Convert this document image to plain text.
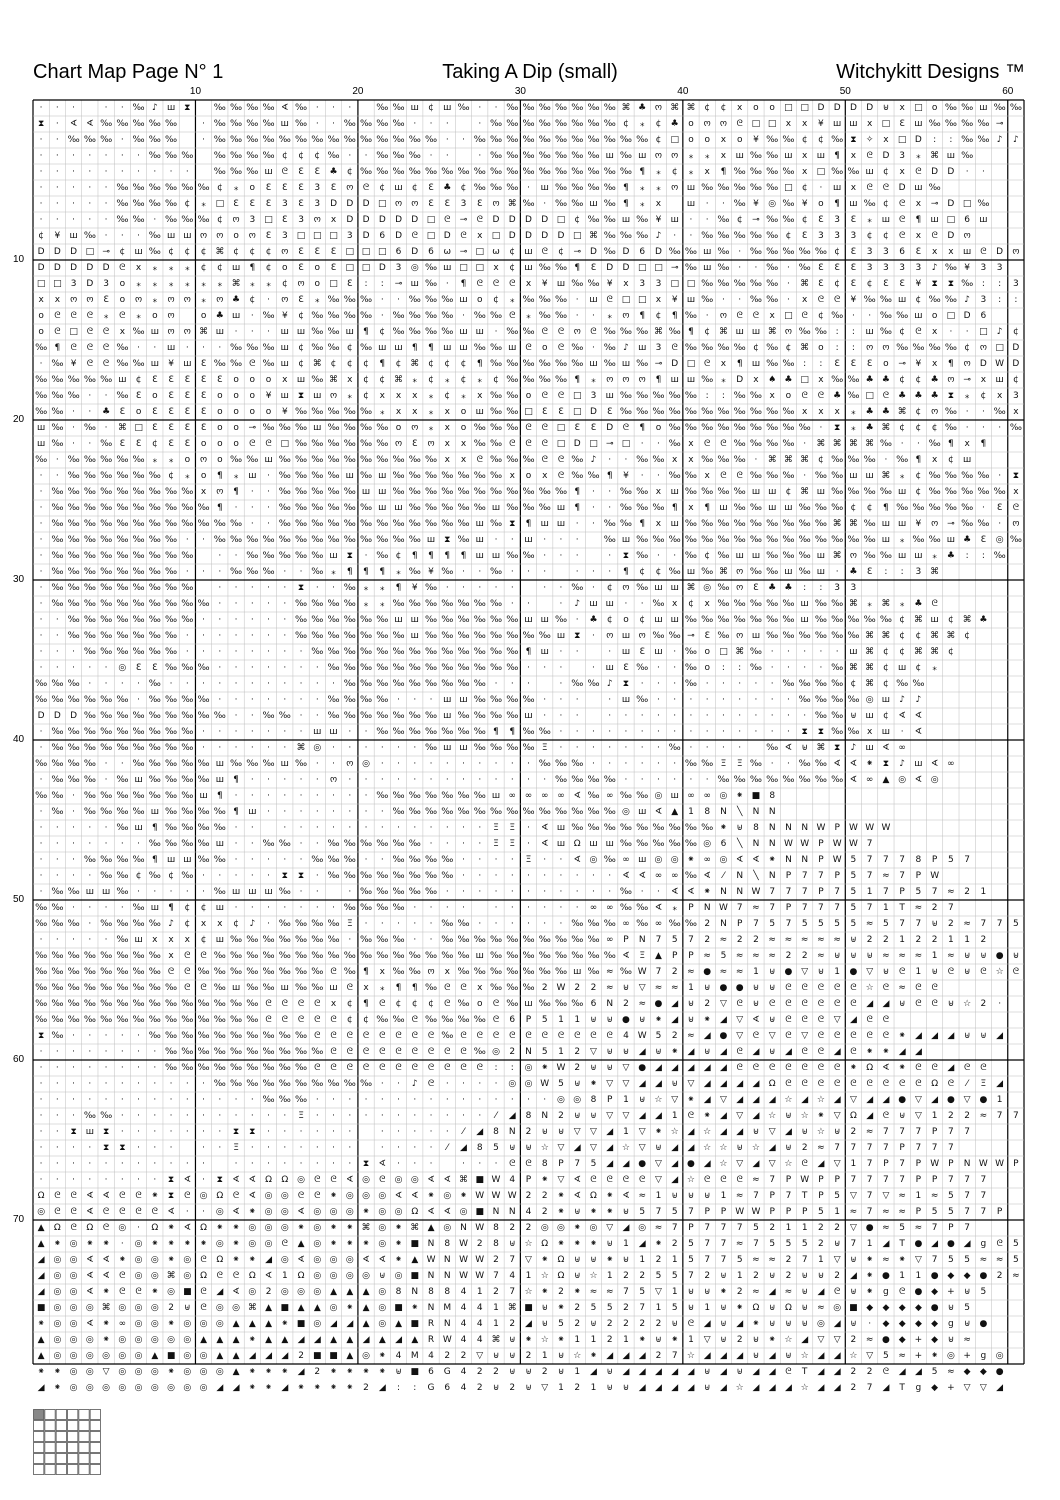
Chart Map Page N° 1	Taking A Dip (small)	Witchykitt Designs ™
10	20	30	40	50	60
10
20
30
40
50
60
70
· · ·	· · ‰ ♪ ш ⧗	‰ ‰ ‰ ‰ ∢ ‰ · · ·	‰ ‰ ш ¢ ш ‰ · · ‰ ‰ ‰ ‰ ‰ ‰ ‰ ⌘ ♣ ო ⌘ ⌘ ¢ ¢ x o o □ □ D D D D ⊎ x □ o ‰ ‰ ш ‰ ‰
⧗ · ∢ ∢ ‰ ‰ ‰ ‰ ‰	· ‰ ‰ ‰ ‰ ш ‰ · · ‰ ‰ ‰ ‰ · · ·	· ‰ ‰ ‰ ‰ ‰ ‰ ‰ ‰ ¢ ⁎ ¢ ♣ o ო ო ᘓ □ □ x x ¥ ш ш x □ Ɛ ш ‰ ‰ ‰ ‰ ⊸
· · ‰ ‰ ‰ · ‰ ‰ ‰	· ‰ ‰ ‰ ‰ ‰ ‰ ‰ ‰ ‰ ‰ ‰ ‰ ‰ ‰ · · ‰ ‰ ‰ ‰ ‰ ‰ ‰ ‰ ‰ ‰ ‰ ¢ □ o o x o ¥ ‰ ‰ ¢ ¢ ‰ ⧗ ✧ x □ D : : ‰ ‰ ♪ ♪
· · · · · · · ‰ ‰ ‰ ‰ ‰ ‰ ‰ ¢ ¢ ¢ ‰ · · ‰ ‰ ‰ · ·	· ‰ ‰ ‰ ‰ ‰ ‰ ‰ ш ‰ ш ო ო ⁎ ⁎ x ш ‰ ‰ ш x ш ¶ x ᘓ D 3 ⁎ ⌘ ш ‰
· · · · · · · · · ·	‰ ‰ ‰ ш ᘓ Ɛ Ɛ ♣ ¢ ‰ ‰ ‰ ‰ ‰ ‰ ‰ ‰ ‰ ‰ ‰ ‰ ‰ ‰ ‰ ‰ ‰ ¶ ⁎ ¢ ⁎ x ¶ ‰ ‰ ‰ ‰ x □ ‰ ‰ ш ¢ x ᘓ D D · ·
· · · · · ‰ ‰ ‰ ‰ ‰ ‰ ¢ ⁎ o Ɛ Ɛ Ɛ 3 Ɛ ო ᘓ ¢ ш ¢ Ɛ ♣ ¢ ‰ ‰ ‰ · ш ‰ ‰ ‰ ‰ ¶ ⁎ ⁎ ო ш ‰ ‰ ‰ ‰ ‰ □ ¢ · ш x ᘓ ᘓ D ш ‰
· · · · · ‰ ‰ ‰ ‰ ¢ ⁎ □ Ɛ Ɛ Ɛ 3 Ɛ 3 D D D □ ო ო Ɛ Ɛ 3 Ɛ ო ⌘ ‰ · ‰ ‰ ш ‰ ¶ ⁎ x	ш · · ‰ ¥ ◎ ‰ ¥ o ¶ ш ‰ ¢ ᘓ x ⊸ D □ ‰
· · · · · ‰ ‰ · ‰ ‰ ‰ ¢ ო 3 □ Ɛ 3 ო x D D D D D □ ᘓ ⊸ ᘓ D D D D □ ¢ ‰ ‰ ш ‰ ¥ ш · · ‰ ¢ ⊸ ‰ ‰ ¢ Ɛ 3 Ɛ ⁎ ш ᘓ ¶ ш □ 6 ш
¢ ¥ ш ‰ · · · ‰ ш ш ო ო o ო Ɛ 3 □ □ □ 3 D 6 D ᘓ □ D ᘓ x □ D D D D □ ⌘ ‰ ‰ ‰ ♪ · · ‰ ‰ ‰ ‰ ‰ ¢ Ɛ 3 3 3 ¢ ¢ ᘓ x ᘓ D ო
D D D □ ⊸ ¢ ш ‰ ¢ ¢ ¢ ⌘ ¢ ¢ ¢ ო Ɛ Ɛ Ɛ □ □ □ 6 D 6 ω ⊸ □ ω ¢ ш ᘓ ¢ ⊸ D ‰ D 6 D ‰ ‰ ш ‰ · ‰ ‰ ‰ ‰ ‰ ¢ Ɛ 3 3 6 Ɛ x x ш ᘓ D ო
D D D D D ᘓ x ⁎ ⁎ ⁎ ¢ ¢ ш ¶ ¢ o Ɛ o Ɛ □ □ D 3 ◎ ‰ ш □ □ x ¢ ш ‰ ‰ ¶ Ɛ D D □ □ ⊸ ‰ ш ‰ · · ‰ · ‰ Ɛ Ɛ Ɛ 3 3 3 3 ♪ ‰ ¥ 3 3
□ □ 3 D 3 o ⁎ ⁎ ⁎ ⁎ ⁎ ⁎ ⌘ ⁎ ⁎ ¢ ო o □ Ɛ : : ⊸ ш ‰ · ¶ ᘓ ᘓ ᘓ x ¥ ш ‰ ‰ ¥ x 3 3 □ □ ‰ ‰ ‰ ‰ ‰ · ⌘ Ɛ ¢ Ɛ ¢ Ɛ Ɛ ¥ ⧗ ⧗ ‰ : : 3
x x ო ო Ɛ o ო ⁎ ო ო ⁎ ო ♣ ¢ · ო Ɛ ⁎ ‰ ‰ ‰ · · ‰ ‰ ‰ ш o ¢ ⁎ ‰ ‰ ‰ · ш ᘓ □ □ x ¥ ш ‰ · · ‰ ‰ · x ᘓ ᘓ ¥ ‰ ‰ ш ¢ ‰ ‰ ♪ 3 : :
o ᘓ ᘓ ᘓ ⁎ ᘓ ⁎ о ო	o ♣ ш · ‰ ¥ ¢ ‰ ‰ ‰ ‰ · ‰ ‰ ‰ ‰ · ‰ ‰ ᘓ ⁎ ‰ ‰ · · ⁎ ო ¶ ¢ ¶ ‰ · ო ᘓ ᘓ x □ ᘓ ¢ ‰ · · ‰ ‰ ш о □ D 6
o ᘓ □ ᘓ ᘓ x ‰ ш ო ო ⌘ ш · · · ш ш ‰ ‰ ш ¶ ¢ ‰ ‰ ‰ ‰ ш ш · ‰ ‰ ᘓ ᘓ ო ᘓ ‰ ‰ ‰ ⌘ ‰ ¶ ¢ ⌘ ш ш ⌘ ო ‰ ‰ : : ш ‰ ¢ ᘓ x · · □ ♪ ¢
‰ ¶ ᘓ ᘓ ᘓ ‰ · · ш · · · ‰ ‰ ‰ ш ¢ ‰ ‰ ¢ ‰ ш ш ¶ ¶ ш ш ‰ ‰ ш ᘓ о ᘓ ‰ · ‰ ♪ ш 3 ᘓ ‰ ‰ ‰ ‰ ¢ ‰ ¢ ⌘ o : : ო ო ‰ ‰ ‰ ‰ ¢ ო □ D
· ‰ ¥ ᘓ ᘓ ‰ ‰ ш ¥ ш Ɛ ‰ ‰ ᘓ ‰ ш ¢ ⌘ ¢ ¢ ¢ ¶ ¢ ⌘ ¢ ¢ ¢ ¶ ‰ ‰ ‰ ‰ ‰ ‰ ш ‰ ш ‰ ⊸ D □ ᘓ x ¶ ш ‰ ‰ : : Ɛ Ɛ Ɛ o ⊸ ¥ x ¶ ო D W D
‰ ‰ ‰ ‰ ‰ ш ¢ Ɛ Ɛ Ɛ Ɛ Ɛ o o o x ш ‰ ⌘ x ¢ ¢ ⌘ ⁎ ¢ ⁎ ¢ ⁎ ¢ ‰ ‰ ‰ ‰ ¶ ⁎ ო ო ო ¶ ш ш ‰ ⁎ D x ♠ ♣ □ x ‰ ‰ ♣ ♣ ¢ ¢ ♣ ო ⊸ x ш ¢
‰ ‰ ‰ · · ‰ Ɛ o Ɛ Ɛ Ɛ o o o ¥ ш ⧗ ш ო ⁎ ¢ x x x ⁎ ¢ ⁎ x ‰ ‰ o ᘓ ᘓ □ 3 ш ‰ ‰ ‰ ‰ ‰ : : ‰ ‰ x o ᘓ ᘓ ♣ ‰ □ ᘓ ♣ ♣ ♣ ⧗ ⁎ ¢ x 3
‰ ‰ · · ♣ Ɛ o Ɛ Ɛ Ɛ Ɛ o o o o ¥ ‰ ‰ ‰ ‰ ‰ ⁎ x x ⁎ x o ш ‰ ‰ □ Ɛ Ɛ □ D Ɛ ‰ ‰ ‰ ‰ ‰ ‰ ‰ ‰ ‰ ‰ ‰ x x x ⁎ ♣ ♣ ⌘ ¢ ო ‰ · · ‰ x
ш ‰ · ‰ · ⌘ □ Ɛ Ɛ Ɛ Ɛ o o ⊸ ‰ ‰ ‰ ш ‰ ‰ ‰ ‰ о ო ⁎ x o ‰ ‰ ‰ ᘓ ᘓ □ Ɛ Ɛ D ᘓ ¶ o ‰ ‰ ‰ ‰ ‰ ‰ ‰ ‰ ‰ · ⧗ ⁎ ♣ ⌘ ¢ ¢ ¢ ‰ · · · ‰
ш ‰ · · ‰ Ɛ Ɛ ¢ Ɛ Ɛ o o o ᘓ ᘓ □ ‰ ‰ ‰ ‰ ‰ ‰ ო Ɛ ო x x ‰ ‰ ᘓ ᘓ ᘓ □ D □ ⊸ □ · · ‰ x ᘓ ᘓ ‰ ‰ ‰ ‰ · ⌘ ⌘ ⌘ ⌘ ‰ · · ‰ ¶ x ¶
‰ · ‰ ‰ ‰ ‰ ‰ ⁎ ⁎ o ო o ‰ ‰ ш ‰ ‰ ‰ ‰ ‰ ‰ ‰ ‰ ‰ ‰ x x ᘓ ‰ ‰ ‰ ᘓ ᘓ ‰ ♪ · · ‰ ‰ x x ‰ ‰ ‰ · ⌘ ⌘ ⌘ ¢ ‰ ‰ ‰ · ‰ ¶ x ¢ ш
· · ‰ ‰ ‰ ‰ ‰ ‰ ¢ ⁎ o ¶ ⁎ ш · ‰ ‰ ‰ ‰ ш ‰ ш ‰ ‰ ‰ ‰ ‰ ‰ ‰ x o x ᘓ ‰ ‰ ¶ ¥ · · ‰ ‰ x ᘓ ᘓ ‰ ‰ ‰ · ‰ ‰ ш ш ⌘ ⁎ ¢ ‰ ‰ ‰ ‰ · ⧗
· ‰ ‰ ‰ ‰ ‰ ‰ ‰ ‰ ‰ x ო ¶ · · ‰ ‰ ‰ ‰ ‰ ш ш ‰ ‰ ‰ ‰ ‰ ‰ ‰ ‰ ‰ ‰ ‰ ¶ · · ‰ ‰ x ш ‰ ‰ ‰ ‰ ш ш ¢ ⌘ ш ‰ ‰ ‰ ‰ ш ¢ ‰ ‰ ‰ ‰ ‰ x
· ‰ ‰ ‰ ‰ ‰ ‰ ‰ ‰ ‰ ‰ ¶ · · · ‰ ‰ ‰ ‰ ‰ ‰ ш ш ‰ ‰ ‰ ‰ ‰ ш ‰ ‰ ‰ ш ¶ · · ‰ ‰ ‰ ¶ x ¶ ш ‰ ‰ ш ш ‰ ‰ ‰ ¢ ¢ ¶ ‰ ‰ ‰ ‰ ‰ · Ɛ ᘓ
· ‰ ‰ ‰ ‰ ‰ ‰ ‰ ‰ ‰ ‰ ‰ ‰ · · ‰ ‰ ‰ ‰ ‰ ‰ ‰ ‰ ‰ ‰ ‰ ‰ ш ‰ ⧗ ¶ ш ш · · ‰ ‰ ¶ x ш ‰ ‰ ‰ ‰ ‰ ‰ ‰ ‰ ‰ ⌘ ⌘ ‰ ш ш ¥ ო ⊸ ‰ ‰ · ო
· ‰ ‰ ‰ ‰ ‰ ‰ ‰ ‰ · · ‰ ‰ ‰ ‰ ‰ ‰ ‰ ‰ ‰ ‰ ‰ ‰ ‰ ш ⧗ ‰ ш · · ш · · ·	‰ ш ‰ ‰ ‰ ‰ ‰ ‰ ‰ ‰ ‰ ‰ ‰ ‰ ‰ ‰ ‰ ш ⁎ ‰ ‰ ш ♣ Ɛ ◎ ‰
· ‰ ‰ ‰ ‰ ‰ ‰ ‰ ‰ ‰	· · ‰ ‰ ‰ ‰ ‰ ш ⧗ · ‰ ¢ ¶ ¶ ¶ ¶ ш ш ‰ ‰ · · ·	· ⧗ ‰ · · ‰ ¢ ‰ ш ш ‰ ‰ ‰ ш ⌘ ო ‰ ‰ ш ш ⁎ ♣ : : ‰
· ‰ ‰ ‰ ‰ ‰ ‰ ‰ ‰ · · · ‰ ‰ ‰ · · ‰ ⁎ ¶ ¶ ¶ ⁎ ‰ ¥ ‰ · · ‰ · · ·	· · · ¶ ¢ ¢ ‰ ш ‰ ⌘ ო ‰ ‰ ш ‰ ш · ♣ Ɛ : : 3 ⌘
· ‰ ‰ ‰ ‰ ‰ ‰ ‰ ‰ ‰	· · · · · ⧗ · · ‰ ⁎ ⁎ ¶ ¥ ‰ · · · · ·	· · ‰ · ¢ ო ‰ ш ш ⌘ ◎ ‰ ო Ɛ ♣ ♣ : : 3 3
· ‰ ‰ ‰ ‰ ‰ ‰ ‰ ‰ ‰ ‰ · · · · · ‰ ‰ ‰ ‰ ⁎ ⁎ ‰ ‰ ‰ ‰ ‰ ‰ ‰ · ·	· ♪ ш ш · · ‰ x ¢ x ‰ ‰ ‰ ‰ ‰ ш ‰ ‰ ⌘ ⁎ ⌘ ⁎ ♣ ᘓ
· · ‰ ‰ ‰ ‰ ‰ ‰ ‰ ‰ · · · · · · ‰ ‰ ‰ ‰ ‰ ‰ ш ш ‰ ‰ ‰ ‰ ‰ ‰ ш ш ‰ · ♣ ¢ o ¢ ш ш ‰ ‰ ‰ ‰ ‰ ‰ ‰ ш ‰ ‰ ‰ ‰ ‰ ¢ ⌘ ш ¢ ⌘ ♣
· · ‰ ‰ ‰ ‰ ‰ ‰ ‰ · · · · · · · ‰ ‰ ‰ ‰ ‰ ‰ ‰ ш ‰ ‰ ‰ ‰ ‰ ‰ ‰ ‰ ш ⧗ · ო ш ო ‰ ‰ ⊸ Ɛ ‰ ო ш ‰ ‰ ‰ ‰ ‰ ‰ ⌘ ⌘ ¢ ¢ ⌘ ⌘ ¢
· · · ‰ ‰ ‰ ‰ ‰ ‰ · · · · · · · · ‰ ‰ ‰ ‰ ‰ ‰ ‰ ‰ ‰ ‰ ‰ ‰ ‰ ¶ ш · ·	· ш Ɛ ш · ‰ o □ ⌘ ‰ · · · · · ш ⌘ ¢ ¢ ⌘ ⌘ ¢
· · · · · ◎ Ɛ Ɛ ‰ ‰ ‰ · · · · · · · ‰ ‰ ‰ ‰ ‰ ‰ ‰ ‰ ‰ ‰ ‰ ‰ · · ·	· ш Ɛ ‰ · · ‰ o : : ‰ · · · · ‰ ⌘ ⌘ ¢ ш ¢ ⁎
‰ ‰ ‰ · · · · ‰ · · · · · · · · · · · ‰ ‰ ‰ ‰ ‰ ‰ ‰ ‰ ‰ · · ·	· ‰ ‰ ♪ ⧗ · · · ‰ · · · · · ‰ ‰ ‰ ‰ ¢ ⌘ ¢ ‰ ‰
‰ ‰ ‰ ‰ ‰ ‰ · ‰ ‰ ‰ ‰ · · · · · · · ‰ ‰ ‰ ‰ · · · ш ш ‰ ‰ ‰ ‰ · · ·	· ш ‰ · · · · · · · · · ‰ ‰ ‰ ‰ ◎ ш ♪ ♪
D D D ‰ ‰ ‰ ‰ ‰ ‰ ‰ ‰ ‰ · · ‰ ‰ · · ‰ ‰ ‰ ‰ ‰ ‰ ‰ ш ‰ ‰ ‰ ‰ ш · · ·	· · · · · · · · · · · · · ‰ ‰ ⊎ ш ¢ ∢ ∢
· ‰ ‰ ‰ ‰ ‰ ‰ ‰ ‰ ‰ · · · · · · · ш ш · · ‰ ‰ ‰ ‰ ‰ ‰ ‰ ¶ ¶ ‰ ‰ · · · · · · · · · · · · · · · ⧗ ⧗ ‰ ‰ x ш · ∢
· ‰ ‰ ‰ ‰ ‰ ‰ ‰ ‰ ‰ · · · · · · ⌘ ◎ · · · · · · ‰ ш ш ‰ ‰ ‰ ‰ Ξ · · · · · · · ‰ · · · ·	‰ ∢ ⊎ ⌘ ⧗ ♪ ш ∢ ∞
‰ ‰ ‰ ‰ · · ‰ ‰ ‰ ‰ ‰ ш ‰ ‰ ‰ ш ‰ · · ო ◎ · · · · · · · · · · ‰ ‰ ‰ · · · · · · ‰ ‰ Ξ Ξ ‰ · · ‰ ‰ ∢ ∢ ⁕ ⧗ ♪ ш ∢ ∞
· ‰ ‰ ‰ · ‰ ш ‰ ‰ ‰ ‰ ш ¶ · · · · · ო · · · · · · · · · · · · · ‰ ‰ ‰ ‰ · · · · · · ‰ ‰ ‰ ‰ ‰ ‰ ‰ ‰ ∢ ∞ ▲ ◎ ∢ ◎
‰ ‰ · ‰ ‰ ‰ ‰ ‰ ‰ ‰ ш ¶ · · · · · · · · · ‰ ‰ ‰ ‰ ‰ ‰ ‰ ш ∞ ∞ ∞ ∞ ∢ ‰ ∞ ‰ ‰ ◎ ш ∞ ∞ ◎ ⁕ ■ 8
· ‰ · ‰ ‰ ‰ ‰ ш ‰ ‰ ‰ ‰ ¶ ш · · · · · · · · ‰ ‰ ‰ ‰ ‰ ‰ ‰ ‰ ‰ ‰ ‰ ‰ ‰ ‰ ◎ ш ∢ ▲ 1 8 N ╲ N N
· · · · · ‰ ш ¶ ‰ ‰ ‰ ‰ · ·	· · · · · · · · · · · · · Ξ Ξ · ∢ ш ‰ ‰ ‰ ‰ ‰ ‰ ‰ ‰ ‰ ⁕ ⊎ 8 N N N W P W W W
· · · · · · · ‰ ‰ ‰ ‰ ш · · ‰ ‰ · · ‰ ‰ ‰ ‰ ‰ ‰ · · · · Ξ Ξ · ∢ ш Ω ш ш ‰ ‰ ‰ ‰ ‰ ◎ 6 ╲ N N W W P W W 7
· · · ‰ ‰ ‰ ‰ ¶ ш ш ‰ ‰ · · · · · ‰ ‰ ‰ · · ‰ ‰ ‰ ‰ · · · · Ξ · · ∢ ◎ ‰ ∞ ш ◎ ◎ ⁕ ∞ ◎ ∢ ∢ ⁕ N N P W 5 7 7 7 8 P 5 7
· · · · ‰ ‰ ¢ ‰ ¢ ‰ · · · · · ⧗ ⧗ · ‰ ‰ ‰ ‰ ‰ ‰ ‰ ‰ · · · · · · · · · · ∢ ∢ ∞ ∞ ‰ ∢ ⁄ N ╲ N P 7 7 P 5 7 ≈ 7 P W
· ‰ ‰ ш ш ‰ · · · · · ‰ ш ш ш ‰ · ·	· ‰ ‰ ‰ ‰ ‰ · · · · · · · · · · · ‰ · · ∢ ∢ ⁕ N N W 7 7 7 P 7 5 1 7 P 5 7 ≈ 2 1
‰ ‰ · · · · ‰ ш ¶ ¢ ¢ ш · · · · · · · ‰ ‰ ‰ ‰ · · · ·	· · · · · · ∞ ∞ ‰ ‰ ∢ ⁎ P N W 7 ≈ 7 P 7 7 7 5 7 1 T ≈ 2 7
‰ ‰ ‰ · ‰ ‰ ‰ ‰ ♪ ¢ x x ¢ ♪ · ‰ ‰ ‰ ‰ Ξ · · · · · ‰ ‰ · · · · · · ‰ ‰ ‰ ∞ ‰ ∞ ‰ ‰ 2 N P 7 5 7 5 5 5 5 ≈ 5 7 7 ⊎ 2 ≈ 7 7 5
· · · · · ‰ ш x x x ¢ ш ‰ ‰ ‰ ‰ ‰ ‰ ‰ · ‰ ‰ ‰ · · ‰ ‰ ‰ ‰ ‰ ‰ ‰ ‰ ‰ ‰ ∞ P N 7 5 7 2 ≈ 2 2 ≈ ≈ ≈ ≈ ≈ ⊎ 2 2 1 2 2 1 1 2
‰ ‰ ‰ ‰ ‰ ‰ ‰ ‰ x ᘓ ᘓ ‰ ‰ ‰ ‰ ‰ ‰ ‰ ‰ ‰ ‰ ‰ ‰ ‰ ‰ ‰ ‰ ш ‰ ‰ ‰ ‰ ‰ ‰ ‰ ‰ ∢ Ξ ▲ P P ≈ 5 ≈ ≈ ≈ 2 2 ≈ ⊎ ⊎ ⊎ ≈ ≈ ≈ 1 ≈ ⊎ ⊎ ● ⊎
‰ ‰ ‰ ‰ ‰ ‰ ‰ ‰ ᘓ ᘓ ‰ ‰ ‰ ‰ ‰ ‰ ‰ ‰ ᘓ ‰ ¶ x ‰ ‰ ო x ‰ ‰ ‰ ‰ ‰ ‰ ‰ ш ‰ ≈ ‰ W 7 2 ≈ ● ≈ ≈ 1 ⊎ ● ▽ ⊎ 1 ● ▽ ⊎ ᘓ 1 ⊎ ᘓ ⊎ ᘓ ☆ ᘓ
‰ ‰ ‰ ‰ ‰ ‰ ‰ ‰ ‰ ᘓ ᘓ ‰ ш ‰ ‰ ш ‰ ‰ ш ᘓ x ⁎ ¶ ¶ ‰ ᘓ ᘓ x ‰ ‰ ‰ 2 W 2 2 ≈ ⊎ ▽ ≈ ≈ 1 ⊎ ● ● ⊎ ⊎ ᘓ ᘓ ᘓ ᘓ ᘓ ☆ ᘓ ≈ ᘓ ᘓ
‰ ‰ ‰ ‰ ‰ ‰ ‰ ‰ ‰ ‰ ‰ ‰ ‰ ‰ ᘓ ᘓ ᘓ ᘓ x ¢ ¶ ᘓ ¢ ¢ ¢ ᘓ ‰ o ᘓ ‰ ш ‰ ‰ ‰ 6 N 2 ≈ ● ◢ ⊎ 2 ▽ ᘓ ⊎ ᘓ ᘓ ᘓ ᘓ ᘓ ᘓ ◢ ◢ ⊎ ᘓ ᘓ ⊎ ☆ 2 ·
‰ ‰ ‰ ‰ ‰ ‰ ‰ ‰ ‰ ‰ ‰ ‰ ‰ ‰ ᘓ ᘓ ᘓ ᘓ ᘓ ¢ ¢ ‰ ‰ ᘓ ‰ ‰ ‰ ‰ ᘓ 6 P 5 1 1 ⊎ ⊎ ● ⊎ ⁕ ◢ ⊎ ⁕ ◢ ▽ ∢ ⊎ ᘓ ᘓ ᘓ ▽ ◢ ᘓ ᘓ
⧗ ‰ · · · · · ‰ ‰ ‰ ‰ ‰ ‰ ‰ ‰ ‰ ‰ ᘓ ᘓ ᘓ ᘓ ᘓ ᘓ ᘓ ᘓ ‰ ᘓ ᘓ ᘓ ᘓ ᘓ ᘓ ᘓ ᘓ ᘓ ᘓ 4 W 5 2 ≈ ◢ ● ▽ ᘓ ▽ ᘓ ▽ ᘓ ᘓ ᘓ ᘓ ᘓ ⁕ ◢ ◢ ◢ ⊎ ⊎ ◢
· · · · · · · · ‰ ‰ ‰ ‰ ‰ ‰ ‰ ‰ ‰ ‰ ᘓ ᘓ ᘓ ᘓ ᘓ ᘓ ᘓ ᘓ ᘓ ‰ ◎ 2 N 5 1 2 ▽ ⊎ ⊎ ◢ ⊎ ⁕ ◢ ⊎ ◢ ᘓ ◢ ⊎ ◢ ᘓ ᘓ ◢ ᘓ ⁕ ⁕ ◢ ◢
· · · · · · · · ‰ ‰ ‰ ‰ ‰ ‰ ‰ ‰ ‰ ᘓ ᘓ ᘓ ᘓ ᘓ ᘓ ᘓ ᘓ ᘓ ᘓ ᘓ : : ◎ ⁕ W 2 ⊎ ⊎ ▽ ● ◢ ◢ ◢ ◢ ◢ ᘓ ᘓ ᘓ ᘓ ᘓ ᘓ ᘓ ⁕ Ω ∢ ⁕ ᘓ ᘓ ◢ ᘓ ᘓ
· · · · · · · · · · · ‰ ‰ ‰ ‰ ‰ ‰ ‰ ‰ ‰ ‰ · · ♪ ᘓ · · · · ◎ ◎ W 5 ⊎ ⁕ ▽ ▽ ◢ ◢ ⊎ ▽ ◢ ◢ ◢ ◢ Ω ᘓ ᘓ ᘓ ᘓ ᘓ ᘓ ᘓ ᘓ ᘓ Ω ᘓ ⁄ Ξ ◢
· · · · · · · · · · · · · · ‰ ‰ ‰ · · · · · · · · · · · · · · · ◎ ◎ 8 P 1 ⊎ ☆ ▽ ⁕ ◢ ▽ ◢ ◢ ◢ ☆ ◢ ☆ ◢ ▽ ◢ ◢ ● ▽ ◢ ● ▽ ● 1
· · · ‰ ‰ · · · · · · · · · · · Ξ · · · · · · · · · · · ⁄ ◢ 8 N 2 ⊎ ⊎ ▽ ▽ ◢ ◢ 1 ᘓ ⁕ ◢ ▽ ◢ ☆ ⊎ ☆ ⁕ ▽ Ω ◢ ᘓ ⊎ ▽ 1 2 2 ≈ 7 7
· · ⧗ ш ⧗ · · · · · · · ⧗ ⧗ · · · · · ·	· · · · · ⁄ ◢ 8 N 2 ⊎ ⊎ ▽ ▽ ◢ 1 ▽ ⁕ ☆ ◢ ☆ ◢ ◢ ⊎ ▽ ◢ ⊎ ☆ ⊎ 2 ≈ 7 7 7 P 7 7
· · · · ⧗ ⧗ · · ·	· · Ξ · · · · · · ·	· · · · ⁄ ◢ 8 5 ⊎ ⊎ ☆ ▽ ◢ ▽ ◢ ☆ ▽ ⊎ ◢ ◢ ☆ ☆ ⊎ ☆ ◢ ⊎ 2 ≈ 7 7 7 7 P 7 7 7
· · · · · · · · · · ·	· · · · · · · · ⧗ ∢ · · ·	· · · ᘓ ᘓ 8 P 7 5 ◢ ◢ ● ▽ ◢ ● ◢ ☆ ▽ ◢ ▽ ☆ ᘓ ◢ ▽ 1 7 P 7 P W P N W W P
· · · · · · · · ⧗ ∢ · ⧗ ∢ ∢ Ω Ω ◎ ᘓ ᘓ ∢ ◎ ᘓ ◎ ◎ ∢ ∢ ⌘ ■ W 4 P ⁕ ▽ ∢ ᘓ ᘓ ᘓ ᘓ ▽ ◢ ☆ ᘓ ᘓ ᘓ ≈ 7 P W P P 7 7 7 7 P P 7 7 7
Ω ᘓ ᘓ ∢ ∢ ᘓ ᘓ ⁕ ⧗ ᘓ ◎ Ω ᘓ ∢ ◎ ◎ ᘓ ᘓ ⁕ ◎ ◎ ◎ ∢ ∢ ⁕ ◎ ⁕ W W W 2 2 ⁕ ∢ Ω ⁕ ∢ ≈ 1 ⊎ ⊎ ⊎ 1 ≈ 7 P 7 T P 5 ▽ 7 ▽ ≈ 1 ≈ 5 7 7
◎ ᘓ ᘓ ∢ ᘓ ᘓ ᘓ ᘓ ∢ · · ◎ ∢ ⁕ ◎ ◎ ∢ ◎ ◎ ◎ ⁕ ◎ ◎ Ω ∢ ∢ ◎ ■ N N 4 2 ⁕ ⊎ ⁕ ⁕ ⊎ 5 7 5 7 P P W W P P P 5 1 ≈ 7 ≈ ≈ P 5 5 7 7 P
▲ Ω ᘓ Ω ᘓ ◎ · Ω ⁕ ∢ Ω ⁕ ⁕ ◎ ◎ ◎ ⁕ ◎ ⁕ ⁕ ⌘ ◎ ⁕ ⌘ ▲ ◎ N W 8 2 2 ◎ ◎ ⁕ ◎ ▽ ◢ ◎ ≈ 7 P 7 7 7 5 2 1 1 2 2 ▽ ● ≈ 5 ≈ 7 P 7
▲ ⁕ ◎ ⁕ ⁕ · ◎ ⁕ ⁕ ⁕ ⁕ ◎ ⁕ ◎ ◎ ᘓ ▲ ◎ ⁕ ⁕ ⁕ ◎ ⁕ ■ N 8 W 2 8 ⊎ ☆ Ω ⁕ ⁕ ⁕ ⊎ 1 ◢ ⁕ 2 5 7 7 ≈ 7 5 5 5 2 ⊎ 7 1 ◢ T ● ◢ ● ◢ g ᘓ 5
◢ ◎ ◎ ∢ ∢ ⁕ ◎ ◎ ⁕ ◎ ᘓ Ω ⁕ ⁕ ◢ ◎ ∢ ◎ ◎ ◎ ∢ ∢ ⁕ ▲ W N W W 2 7 ▽ ⁕ Ω ⊎ ⊎ ⁕ ⊎ 1 2 1 5 7 7 5 ≈ ≈ 2 7 1 ▽ ⊎ ⁕ ≈ ⁕ ▽ 7 5 5 ≈ ≈ 5
◢ ◎ ◎ ∢ ∢ ᘓ ◎ ◎ ⌘ ◎ Ω ᘓ ᘓ Ω ∢ 1 Ω ◎ ◎ ◎ ◎ ⊎ ◎ ■ N N W W 7 4 1 ☆ Ω ⊎ ☆ 1 2 2 5 5 7 2 ⊎ 1 2 ⊎ 2 ⊎ ⊎ 2 ◢ ⁕ ● 1 1 ● ◆ ◆ ● 2 ≈
◢ ◎ ◎ ∢ ⁕ ᘓ ᘓ ⁕ ◎ ■ ᘓ ◢ ∢ ◎ 2 ◎ ◎ ◎ ▲ ▲ ▲ ◎ 8 N 8 8 4 1 2 7 ☆ ⁕ 2 ⁕ ≈ ≈ 7 5 ▽ 1 ⊎ ⊎ ⁕ 2 ≈ ◢ ≈ ⊎ ◢ ᘓ ⊎ ⁕ g ᘓ ● ◆ + ⊎ 5
■ ◎ ◎ ◎ ⌘ ◎ ◎ ◎ 2 ⊎ ᘓ ◎ ◎ ⌘ ▲ ■ ▲ ▲ ◎ ⁕ ▲ ◎ ■ ⁕ N M 4 4 1 ⌘ ■ ⊎ ⁕ 2 5 5 2 7 1 5 ⊎ 1 ⊎ ⁕ Ω ⊎ Ω ⊎ ≈ ◎ ■ ◆ ◆ ◆ ◆ ● ⊎ 5
⁕ ◎ ◎ ∢ ⁕ ∞ ◎ ◎ ⁕ ◎ ◎ ◎ ▲ ▲ ▲ ⁕ ■ ◎ ◢ ◢ ▲ ◎ ▲ ■ R N 4 4 1 2 ◢ ⊎ 5 2 ⊎ 2 2 2 2 ⊎ ᘓ ◢ ⊎ ◢ ⁕ ⊎ ⊎ ⊎ ◎ ◢ ⊎ · ◆ ◆ ◆ ◆ g ⊎ ●
▲ ◎ ◎ ◎ ⁕ ◎ ◎ ◎ ◎ ◎ ▲ ▲ ▲ ⁕ ▲ ▲ ◢ ◢ ▲ ▲ ◢ ▲ ◢ ▲ R W 4 4 ⌘ ⊎ ⁕ ☆ ⁕ 1 1 2 1 ⁕ ⊎ ⁕ 1 ▽ ⊎ 2 ⊎ ⁕ ☆ ◢ ▽ ▽ 2 ≈ ● ◆ + ◆ ⊎ ≈
▲ ◎ ◎ ◎ ◎ ◎ ◎ ▲ ■ ◎ ◎ ▲ ▲ ◢ ◢ ◢ 2 ■ ■ ▲ ◎ ⁕ 4 M 4 2 2 ▽ ⊎ ⊎ 2 1 ⊎ ☆ ⁕ ◢ ◢ ◢ 2 7 ☆ ◢ ◢ ◢ ⊎ ◢ ⊎ ☆ ◢ ◢ ☆ ▽ 5 ≈ + ⁕ ◎ + g ◎
⁕ ⁕ ◎ ◎ ▽ ◎ ◎ ◎ ⁕ ◎ ◎ ◎ ▲ ⁕ ⁕ ⁕ ◢ 2 ⁕ ⁕ ⁕ ⁕ ⊎ ■ 6 G 4 2 2 ⊎ ⊎ 2 ⊎ 1 ◢ ⊎ ◢ ◢ ◢ ◢ ◢ ⊎ ◢ ⊎ ◢ ◢ ᘓ T ◢ ◢ 2 2 ᘓ ◢ ◢ 5 ≈ ◆ ◆ ●
◢ ⁕ ◎ ◎ ◎ ◎ ◎ ◎ ◎ ◎ ◎ ◢ ◢ ⁕ ⁕ ◢ ⁕ ⁕ ⁕ ⁕ 2 ◢ : : G 6 4 2 ⊎ 2 ⊎ ▽ 1 2 1 ⊎ ⊎ ◢ ◢ ◢ ◢ ⊎ ◢ ☆ ◢ ◢ ◢ ☆ ◢ ◢ 2 7 ◢ T g ◆ + ▽ ▽ ◢
